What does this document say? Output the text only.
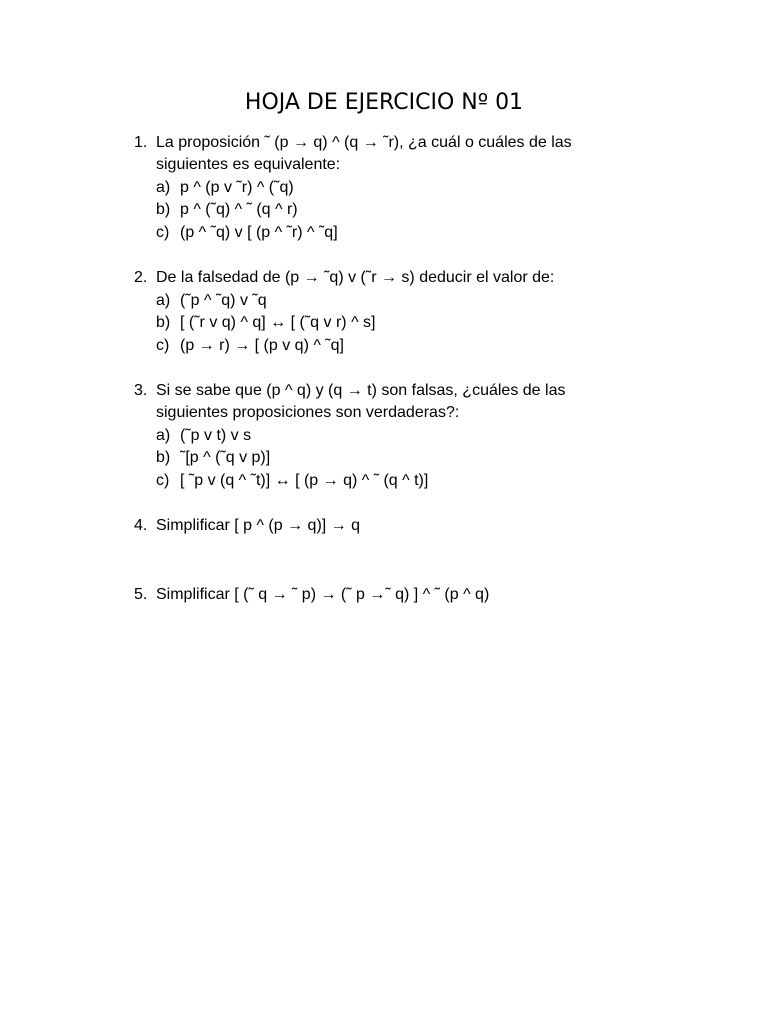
HOJA DE EJERCICIO Nº 01
1. La proposición ˜ (p → q) ^ (q → ˜r), ¿a cuál o cuáles de las
siguientes es equivalente:
a) p ^ (p v ˜r) ^ (˜q)
b) p ^ (˜q) ^ ˜ (q ^ r)
c) (p ^ ˜q) v [ (p ^ ˜r) ^ ˜q]
2. De la falsedad de (p → ˜q) v (˜r → s) deducir el valor de:
a) (˜p ^ ˜q) v ˜q
b) [ (˜r v q) ^ q] ↔ [ (˜q v r) ^ s]
c) (p → r) → [ (p v q) ^ ˜q]
3. Si se sabe que (p ^ q) y (q → t) son falsas, ¿cuáles de las
siguientes proposiciones son verdaderas?:
a) (˜p v t) v s
b) ˜[p ^ (˜q v p)]
c) [ ˜p v (q ^ ˜t)] ↔ [ (p → q) ^ ˜ (q ^ t)]
4. Simplificar [ p ^ (p → q)] → q
5. Simplificar [ (˜ q → ˜ p) → (˜ p →˜ q) ] ^ ˜ (p ^ q)
